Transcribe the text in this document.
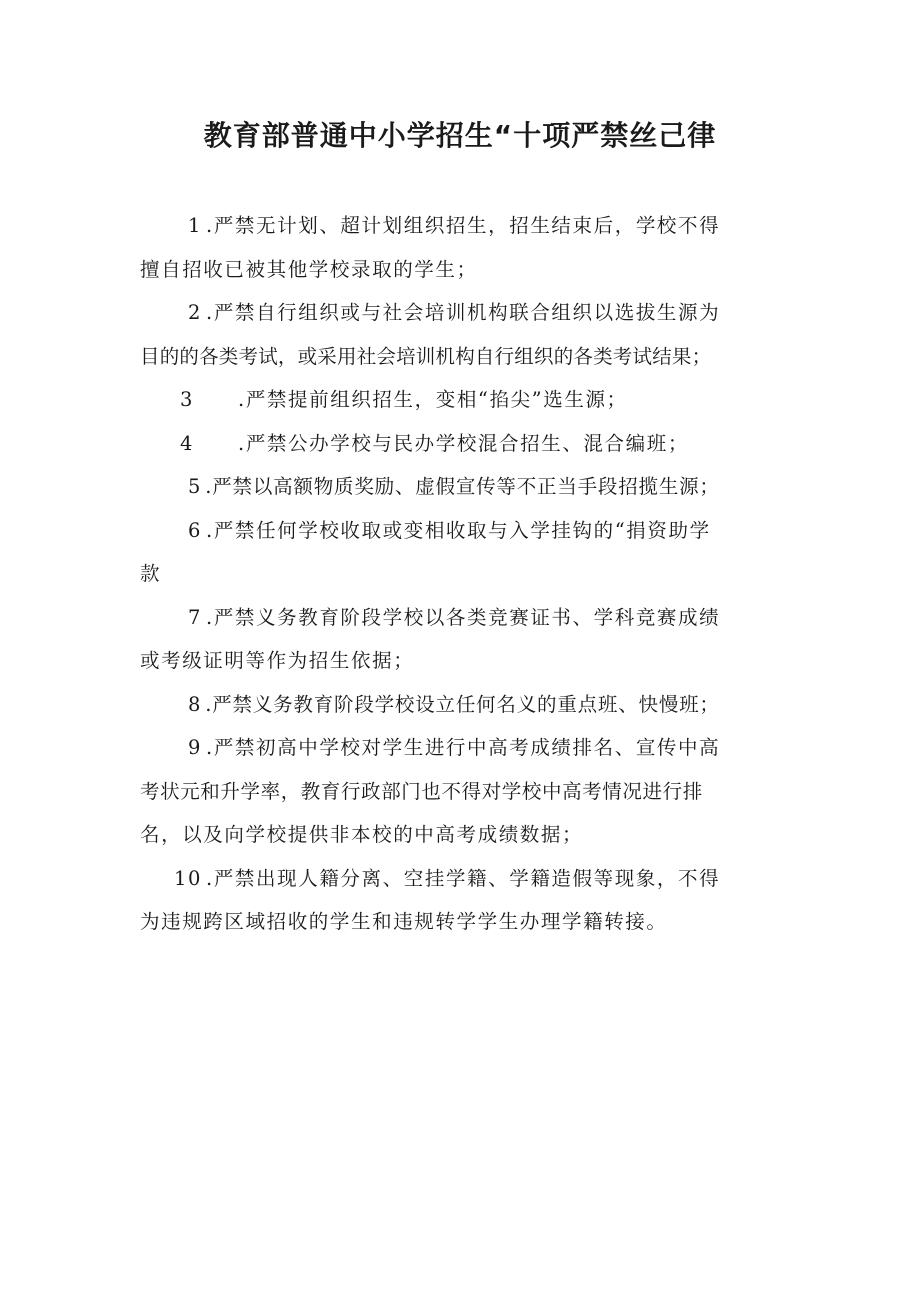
教育部普通中小学招生“十项严禁丝己律

1 .严禁无计划、超计划组织招生，招生结束后，学校不得
擅自招收已被其他学校录取的学生；

2 .严禁自行组织或与社会培训机构联合组织以选拔生源为
目的的各类考试，或采用社会培训机构自行组织的各类考试结果；

3 .严禁提前组织招生，变相“掐尖”选生源；

4 .严禁公办学校与民办学校混合招生、混合编班；

5 .严禁以高额物质奖励、虚假宣传等不正当手段招揽生源；

6 .严禁任何学校收取或变相收取与入学挂钩的“捐资助学
款

7 .严禁义务教育阶段学校以各类竞赛证书、学科竞赛成绩
或考级证明等作为招生依据；

8 .严禁义务教育阶段学校设立任何名义的重点班、快慢班；

9 .严禁初高中学校对学生进行中高考成绩排名、宣传中高
考状元和升学率，教育行政部门也不得对学校中高考情况进行排
名，以及向学校提供非本校的中高考成绩数据；

10 .严禁出现人籍分离、空挂学籍、学籍造假等现象，不得
为违规跨区域招收的学生和违规转学学生办理学籍转接。
